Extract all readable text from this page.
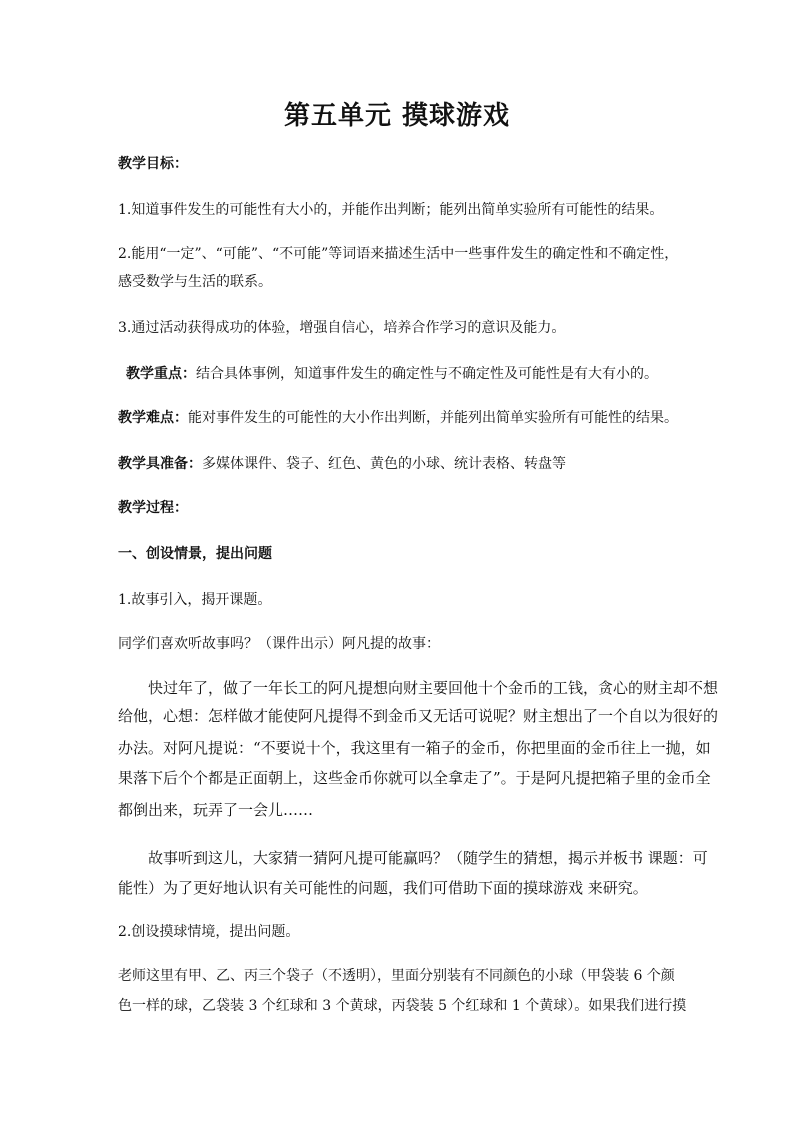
第五单元 摸球游戏
教学目标：
1.知道事件发生的可能性有大小的，并能作出判断；能列出简单实验所有可能性的结果。
2.能用“一定”、“可能”、“不可能”等词语来描述生活中一些事件发生的确定性和不确定性，
感受数学与生活的联系。
3.通过活动获得成功的体验，增强自信心，培养合作学习的意识及能力。
教学重点：结合具体事例，知道事件发生的确定性与不确定性及可能性是有大有小的。
教学难点：能对事件发生的可能性的大小作出判断，并能列出简单实验所有可能性的结果。
教学具准备：多媒体课件、袋子、红色、黄色的小球、统计表格、转盘等
教学过程：
一、创设情景，提出问题
1.故事引入，揭开课题。
同学们喜欢听故事吗？（课件出示）阿凡提的故事：
快过年了，做了一年长工的阿凡提想向财主要回他十个金币的工钱，贪心的财主却不想
给他，心想：怎样做才能使阿凡提得不到金币又无话可说呢？财主想出了一个自以为很好的
办法。对阿凡提说：“不要说十个，我这里有一箱子的金币，你把里面的金币往上一抛，如
果落下后个个都是正面朝上，这些金币你就可以全拿走了”。于是阿凡提把箱子里的金币全
都倒出来，玩弄了一会儿……
故事听到这儿，大家猜一猜阿凡提可能赢吗？（随学生的猜想，揭示并板书 课题：可
能性）为了更好地认识有关可能性的问题，我们可借助下面的摸球游戏 来研究。
2.创设摸球情境，提出问题。
老师这里有甲、乙、丙三个袋子（不透明），里面分别装有不同颜色的小球（甲袋装 6 个颜
色一样的球，乙袋装 3 个红球和 3 个黄球，丙袋装 5 个红球和 1 个黄球）。如果我们进行摸
